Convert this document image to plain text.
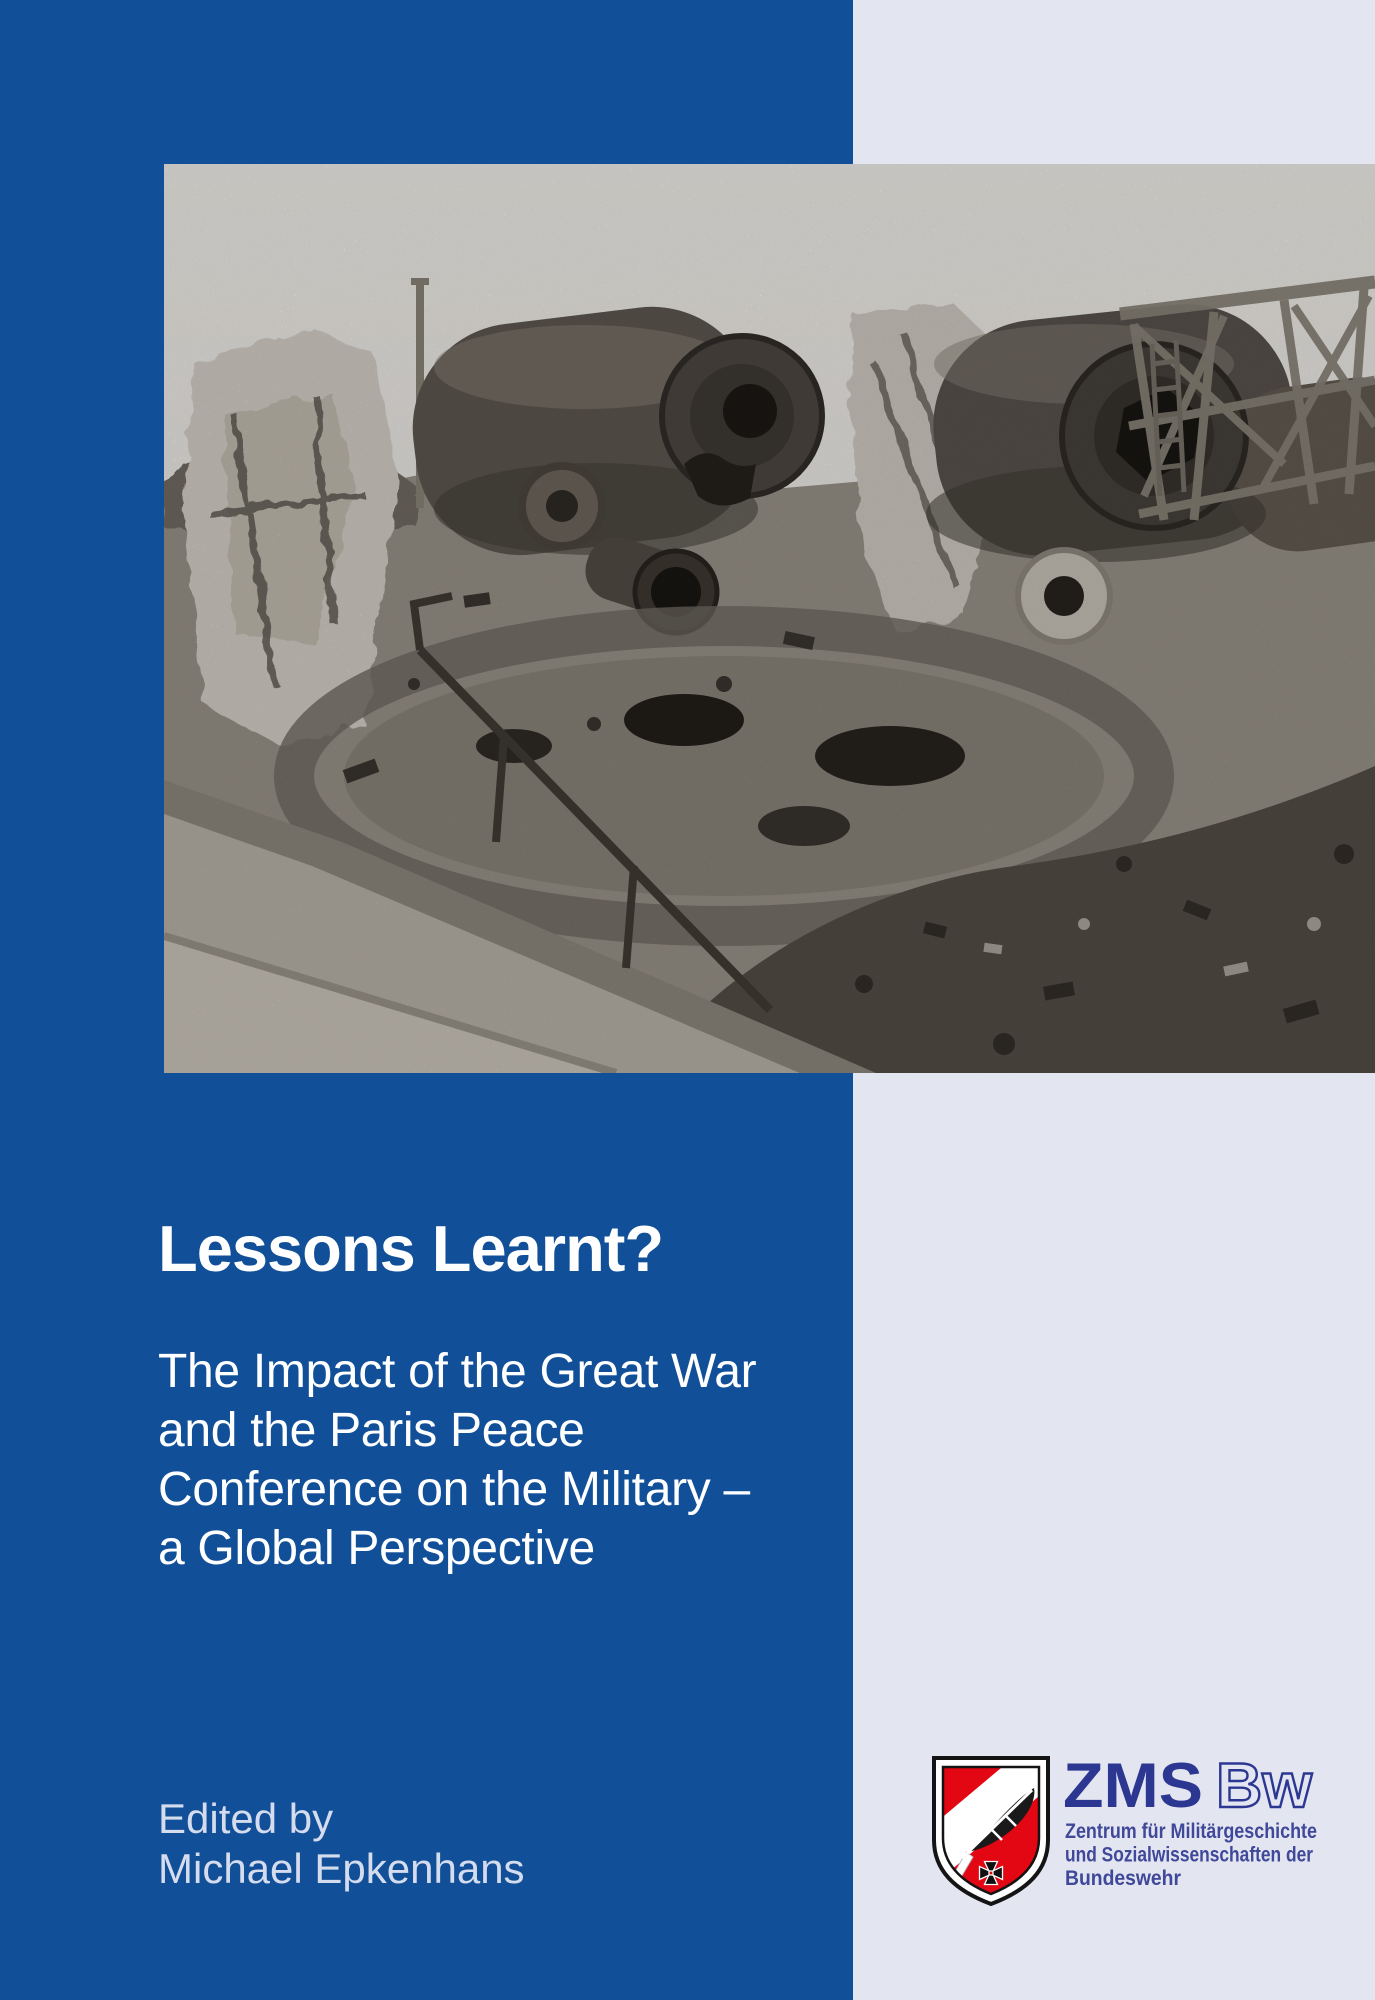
Lessons Learnt?
The Impact of the Great War
and the Paris Peace
Conference on the Military –
a Global Perspective
Edited by
Michael Epkenhans
ZMS Bw
Zentrum für Militärgeschichte
und Sozialwissenschaften der
Bundeswehr
